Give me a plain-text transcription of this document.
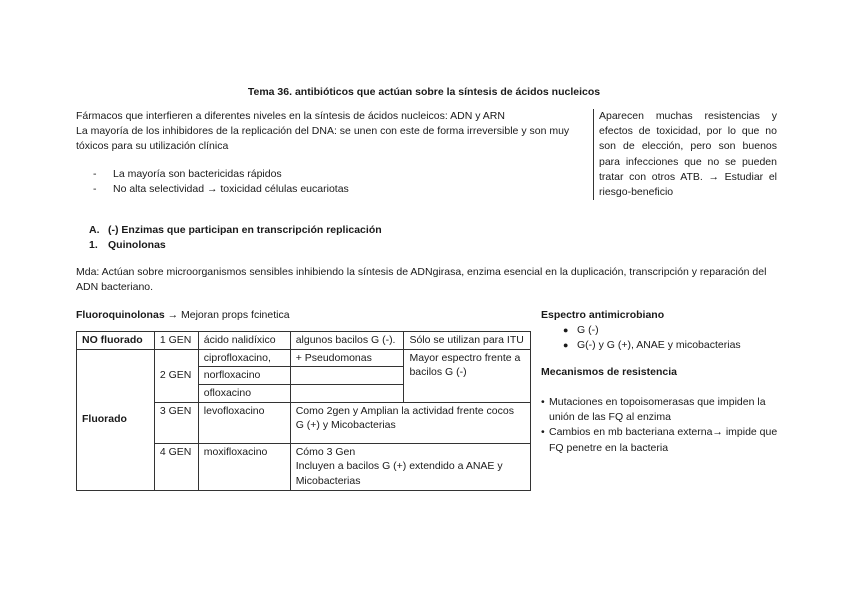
Tema 36. antibióticos que actúan sobre la síntesis de ácidos nucleicos

Fármacos que interfieren a diferentes niveles en la síntesis de ácidos nucleicos: ADN y ARN

La mayoría de los inhibidores de la replicación del DNA: se unen con este de forma irreversible y son muy tóxicos para su utilización clínica

- La mayoría son bactericidas rápidos
- No alta selectividad → toxicidad células eucariotas
Aparecen muchas resistencias y efectos de toxicidad, por lo que no son de elección, pero son buenos para infecciones que no se pueden tratar con otros ATB. → Estudiar el riesgo-beneficio
A. (-) Enzimas que participan en transcripción replicación
1. Quinolonas
Mda: Actúan sobre microorganismos sensibles inhibiendo la síntesis de ADNgirasa, enzima esencial en la duplicación, transcripción y reparación del ADN bacteriano.
Fluoroquinolonas → Mejoran props fcinetica
NO fluorado	1 GEN	ácido nalidíxico	algunos bacilos G (-).	Sólo se utilizan para ITU
Fluorado	2 GEN	ciprofloxacino,	+ Pseudomonas	Mayor espectro frente a bacilos G (-)
		norfloxacino		
		ofloxacino		
	3 GEN	levofloxacino	Como 2gen y Amplian la actividad frente cocos G (+) y Micobacterias	
	4 GEN	moxifloxacino	Cómo 3 Gen
Incluyen a bacilos G (+) extendido a ANAE y Micobacterias	
Espectro antimicrobiano
● G (-)
● G(-) y G (+), ANAE y micobacterias
Mecanismos de resistencia
• Mutaciones en topoisomerasas que impiden la unión de las FQ al enzima
• Cambios en mb bacteriana externa→ impide que FQ penetre en la bacteria
